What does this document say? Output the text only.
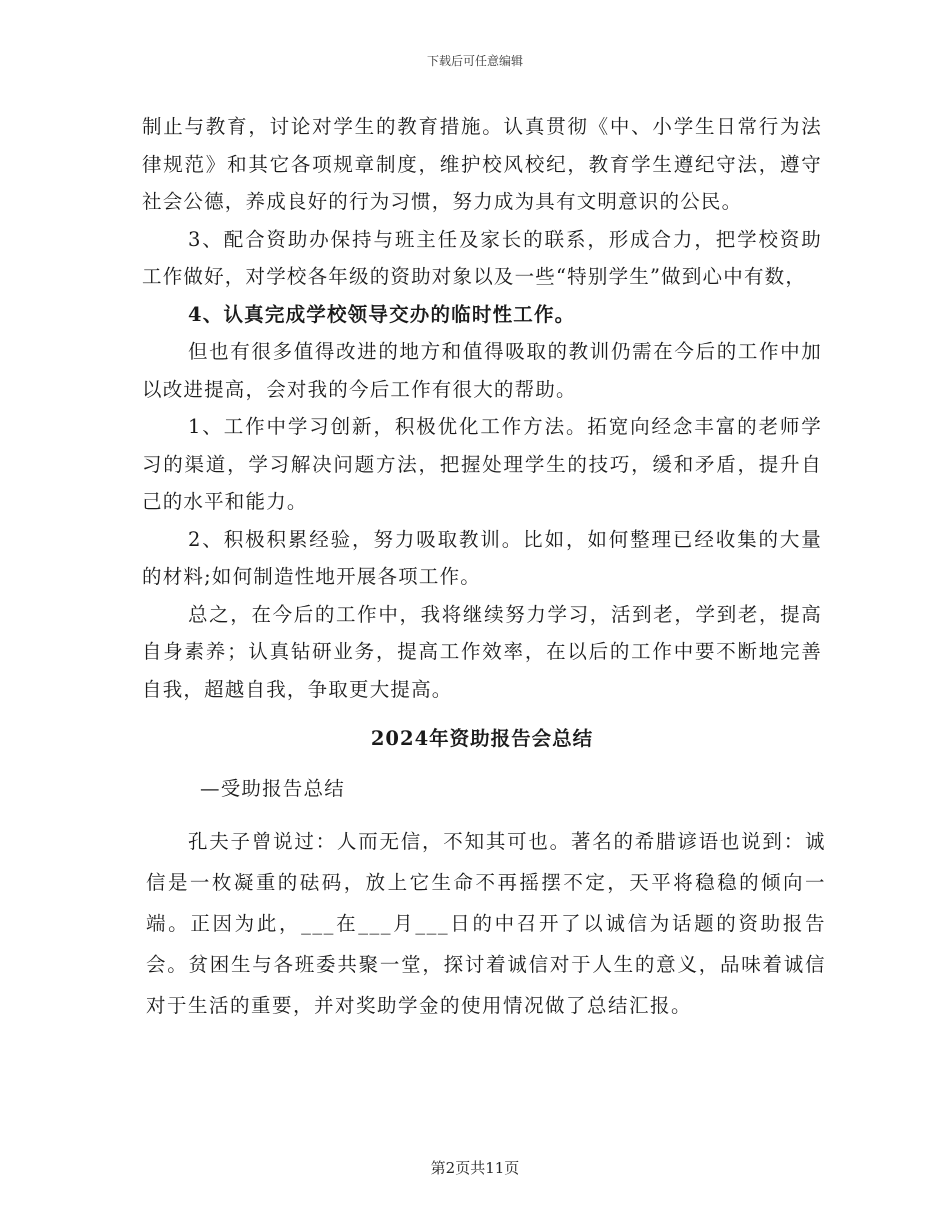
下载后可任意编辑

制止与教育，讨论对学生的教育措施。认真贯彻《中、小学生日常行为法律规范》和其它各项规章制度，维护校风校纪，教育学生遵纪守法，遵守社会公德，养成良好的行为习惯，努力成为具有文明意识的公民。

3、配合资助办保持与班主任及家长的联系，形成合力，把学校资助工作做好，对学校各年级的资助对象以及一些“特别学生”做到心中有数，

4、认真完成学校领导交办的临时性工作。

但也有很多值得改进的地方和值得吸取的教训仍需在今后的工作中加以改进提高，会对我的今后工作有很大的帮助。

1、工作中学习创新，积极优化工作方法。拓宽向经念丰富的老师学习的渠道，学习解决问题方法，把握处理学生的技巧，缓和矛盾，提升自己的水平和能力。

2、积极积累经验，努力吸取教训。比如，如何整理已经收集的大量的材料;如何制造性地开展各项工作。

总之，在今后的工作中，我将继续努力学习，活到老，学到老，提高自身素养；认真钻研业务，提高工作效率，在以后的工作中要不断地完善自我，超越自我，争取更大提高。

2024年资助报告会总结
—受助报告总结

孔夫子曾说过：人而无信，不知其可也。著名的希腊谚语也说到：诚信是一枚凝重的砝码，放上它生命不再摇摆不定，天平将稳稳的倾向一端。正因为此，___在___月___日的中召开了以诚信为话题的资助报告会。贫困生与各班委共聚一堂，探讨着诚信对于人生的意义，品味着诚信对于生活的重要，并对奖助学金的使用情况做了总结汇报。

第2页共11页
